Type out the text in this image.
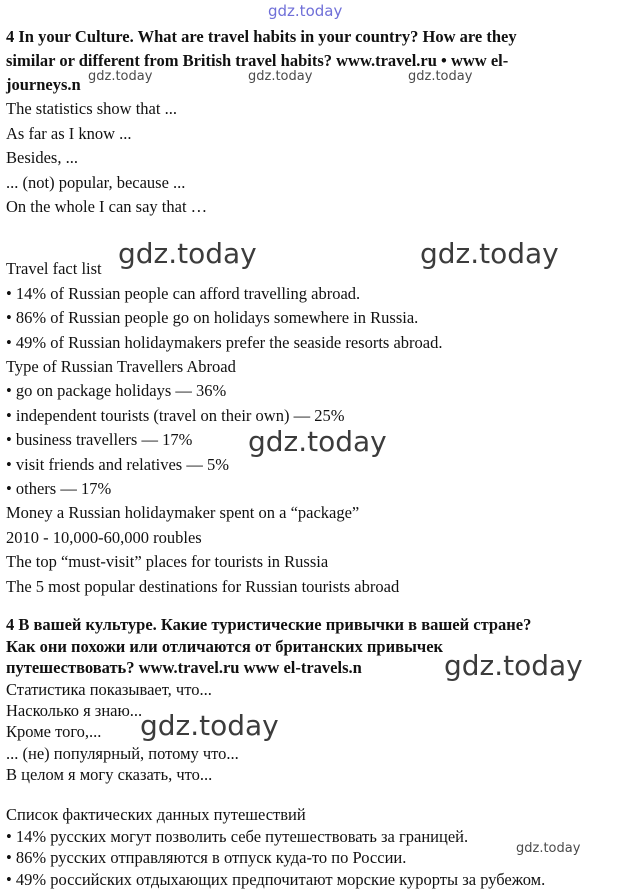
4 In your Culture. What are travel habits in your country? How are they
similar or different from British travel habits? www.travel.ru • www el-
journeys.n
The statistics show that ...
As far as I know ...
Besides, ...
... (not) popular, because ...
On the whole I can say that …
Travel fact list
• 14% of Russian people can afford travelling abroad.
• 86% of Russian people go on holidays somewhere in Russia.
• 49% of Russian holidaymakers prefer the seaside resorts abroad.
Type of Russian Travellers Abroad
• go on package holidays — 36%
• independent tourists (travel on their own) — 25%
• business travellers — 17%
• visit friends and relatives — 5%
• others — 17%
Money a Russian holidaymaker spent on a “package”
2010 - 10,000-60,000 roubles
The top “must-visit” places for tourists in Russia
The 5 most popular destinations for Russian tourists abroad
4 В вашей культуре. Какие туристические привычки в вашей стране?
Как они похожи или отличаются от британских привычек
путешествовать? www.travel.ru www el-travels.n
Статистика показывает, что...
Насколько я знаю...
Кроме того,...
... (не) популярный, потому что...
В целом я могу сказать, что...
Список фактических данных путешествий
• 14% русских могут позволить себе путешествовать за границей.
• 86% русских отправляются в отпуск куда-то по России.
• 49% российских отдыхающих предпочитают морские курорты за рубежом.
gdz.today
gdz.today	gdz.today	gdz.today
gdz.today	gdz.today
gdz.today
gdz.today
gdz.today
gdz.today
